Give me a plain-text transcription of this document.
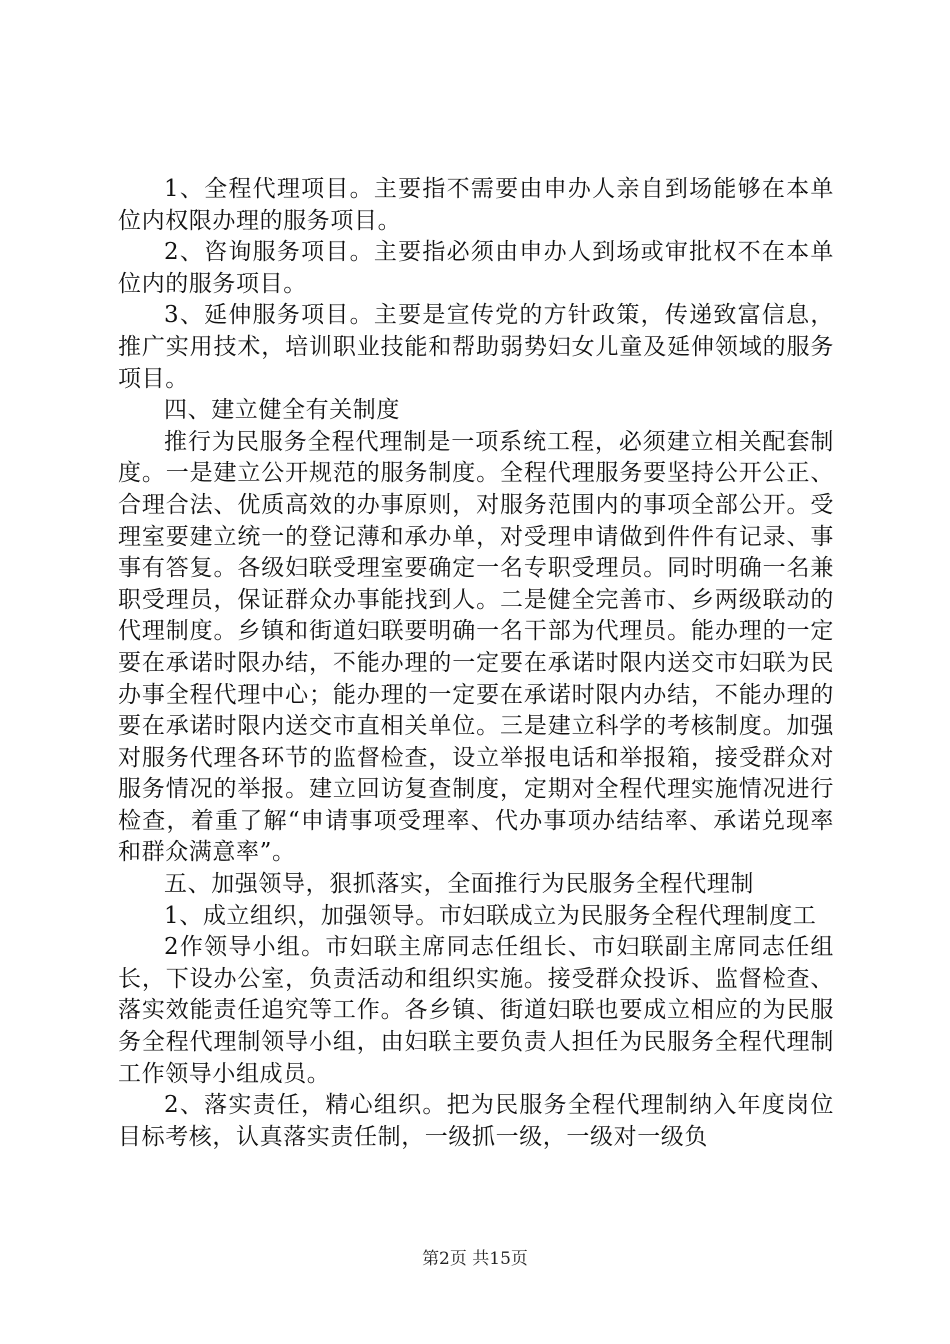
1、全程代理项目。主要指不需要由申办人亲自到场能够在本单位内权限办理的服务项目。

2、咨询服务项目。主要指必须由申办人到场或审批权不在本单位内的服务项目。

3、延伸服务项目。主要是宣传党的方针政策，传递致富信息，推广实用技术，培训职业技能和帮助弱势妇女儿童及延伸领域的服务项目。

四、建立健全有关制度

推行为民服务全程代理制是一项系统工程，必须建立相关配套制度。一是建立公开规范的服务制度。全程代理服务要坚持公开公正、合理合法、优质高效的办事原则，对服务范围内的事项全部公开。受理室要建立统一的登记薄和承办单，对受理申请做到件件有记录、事事有答复。各级妇联受理室要确定一名专职受理员。同时明确一名兼职受理员，保证群众办事能找到人。二是健全完善市、乡两级联动的代理制度。乡镇和街道妇联要明确一名干部为代理员。能办理的一定要在承诺时限办结，不能办理的一定要在承诺时限内送交市妇联为民办事全程代理中心；能办理的一定要在承诺时限内办结，不能办理的要在承诺时限内送交市直相关单位。三是建立科学的考核制度。加强对服务代理各环节的监督检查，设立举报电话和举报箱，接受群众对服务情况的举报。建立回访复查制度，定期对全程代理实施情况进行检查，着重了解“申请事项受理率、代办事项办结结率、承诺兑现率和群众满意率”。

五、加强领导，狠抓落实，全面推行为民服务全程代理制

1、成立组织，加强领导。市妇联成立为民服务全程代理制度工

2作领导小组。市妇联主席同志任组长、市妇联副主席同志任组长，下设办公室，负责活动和组织实施。接受群众投诉、监督检查、落实效能责任追究等工作。各乡镇、街道妇联也要成立相应的为民服务全程代理制领导小组，由妇联主要负责人担任为民服务全程代理制工作领导小组成员。

2、落实责任，精心组织。把为民服务全程代理制纳入年度岗位目标考核，认真落实责任制，一级抓一级，一级对一级负

第2页 共15页
